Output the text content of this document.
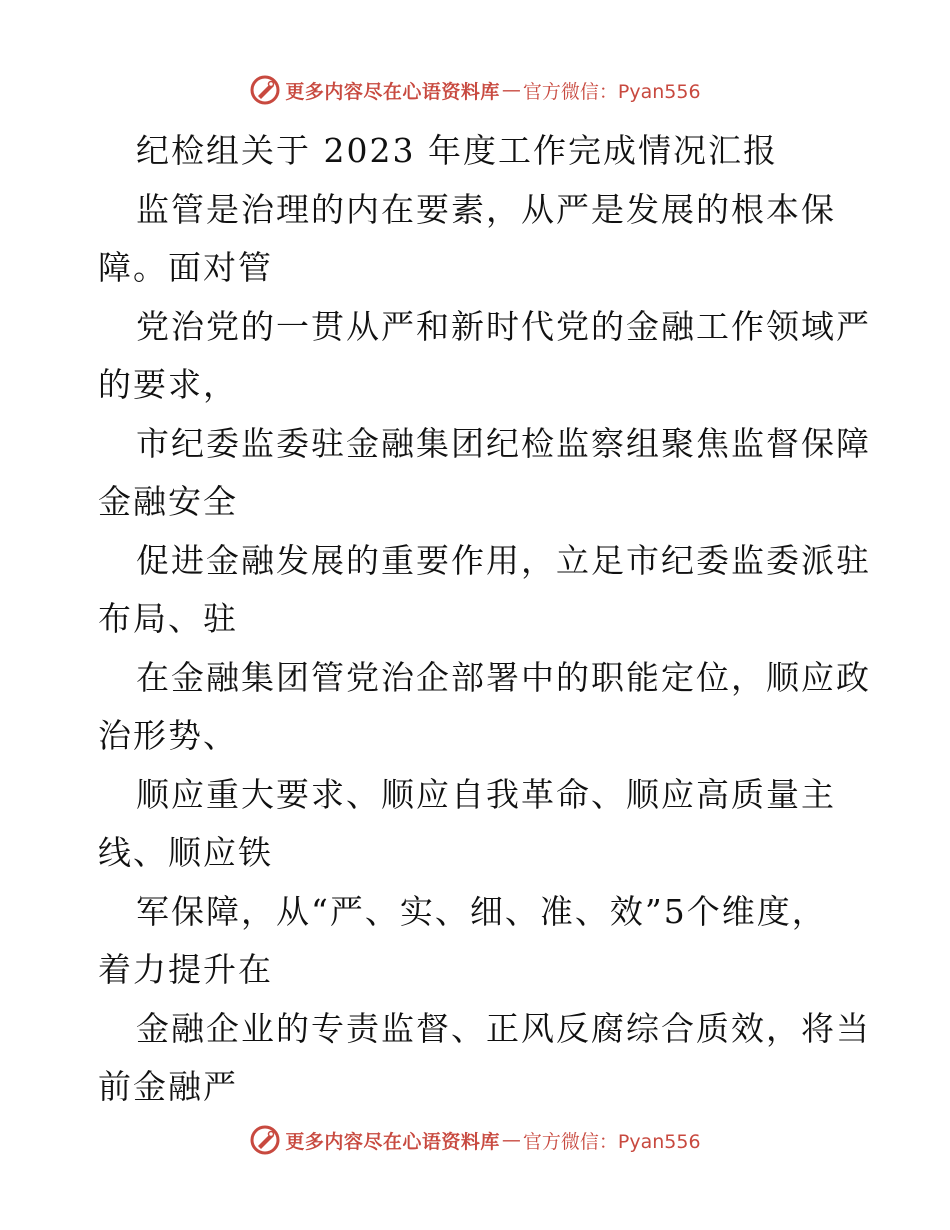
更多内容尽在心语资料库 — 官方微信：Pyan556
纪检组关于 2023 年度工作完成情况汇报
监管是治理的内在要素，从严是发展的根本保
障。面对管
党治党的一贯从严和新时代党的金融工作领域严
的要求，
市纪委监委驻金融集团纪检监察组聚焦监督保障
金融安全
促进金融发展的重要作用，立足市纪委监委派驻
布局、驻
在金融集团管党治企部署中的职能定位，顺应政
治形势、
顺应重大要求、顺应自我革命、顺应高质量主
线、顺应铁
军保障，从“严、实、细、准、效”5个维度，
着力提升在
金融企业的专责监督、正风反腐综合质效，将当
前金融严
更多内容尽在心语资料库 — 官方微信：Pyan556
